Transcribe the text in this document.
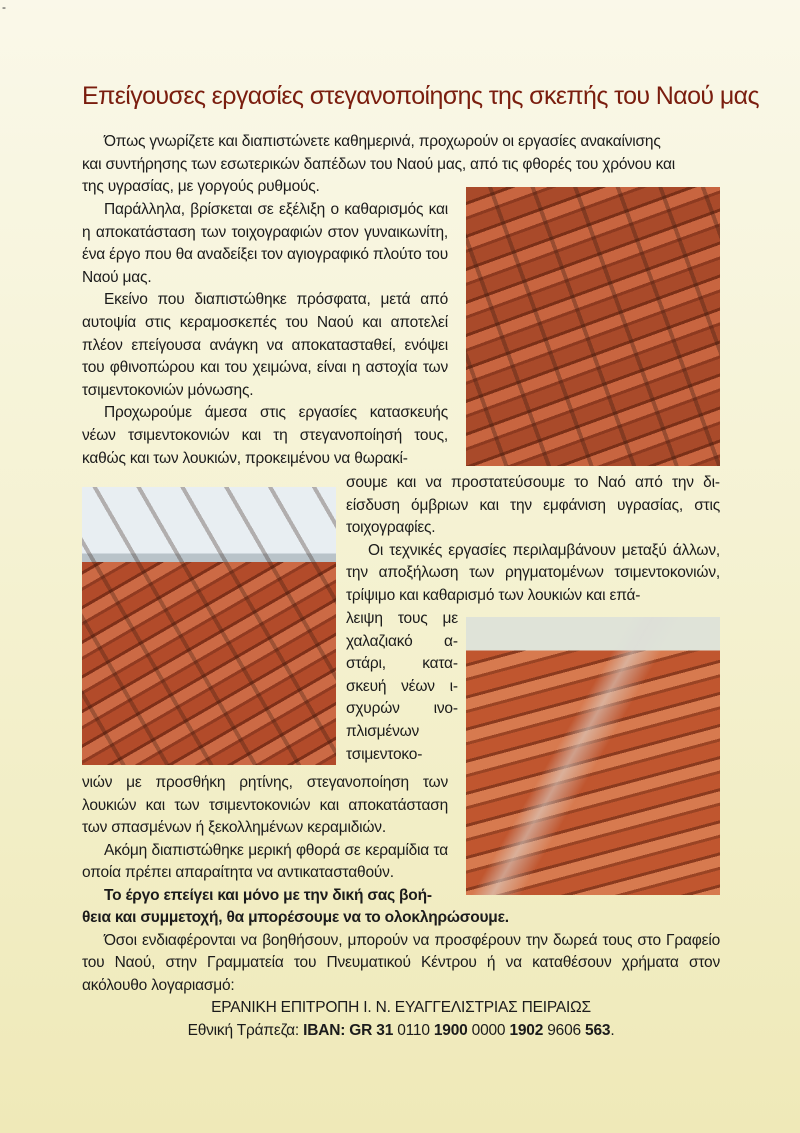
-
Επείγουσες εργασίες στεγανοποίησης της σκεπής του Ναού μας

Όπως γνωρίζετε και διαπιστώνετε καθημερινά, προχωρούν οι εργασίες ανακαίνισης

και συντήρησης των εσωτερικών δαπέδων του Ναού μας, από τις φθορές του χρόνου και

της υγρασίας, με γοργούς ρυθμούς.

Παράλληλα, βρίσκεται σε εξέλιξη ο καθαρισμός και η αποκατάσταση των τοιχογραφιών στον γυναικωνίτη, ένα έργο που θα αναδείξει τον αγιογραφικό πλούτο του Ναού μας.

Εκείνο που διαπιστώθηκε πρόσφατα, μετά από αυτοψία στις κεραμοσκεπές του Ναού και αποτελεί πλέον επείγουσα ανάγκη να αποκατασταθεί, ενόψει του φθινοπώρου και του χειμώνα, είναι η αστοχία των τσιμεντοκονιών μόνωσης.

Προχωρούμε άμεσα στις εργασίες κατασκευής νέων τσιμεντοκονιών και τη στεγανοποίησή τους, καθώς και των λουκιών, προκειμένου να θωρακί-

σουμε και να προστατεύσουμε το Ναό από την διείσδυση όμβριων και την εμφάνιση υγρασίας, στις τοιχογραφίες.

Οι τεχνικές εργασίες περιλαμβάνουν μεταξύ άλλων, την αποξήλωση των ρηγματομένων τσιμεντοκονιών, τρίψιμο και καθαρισμό των λουκιών και επά-

λειψη τους με χαλαζιακό αστάρι, κατασκευή νέων ισχυρών ινοπλισμένων τσιμεντοκο-

νιών με προσθήκη ρητίνης, στεγανοποίηση των λουκιών και των τσιμεντοκονιών και αποκατάσταση των σπασμένων ή ξεκολλημένων κεραμιδιών.

Ακόμη διαπιστώθηκε μερική φθορά σε κεραμίδια τα οποία πρέπει απαραίτητα να αντικατασταθούν.

Το έργο επείγει και μόνο με την δική σας βοή-

θεια και συμμετοχή, θα μπορέσουμε να το ολοκληρώσουμε.

Όσοι ενδιαφέρονται να βοηθήσουν, μπορούν να προσφέρουν την δωρεά τους στο Γραφείο του Ναού, στην Γραμματεία του Πνευματικού Κέντρου ή να καταθέσουν χρήματα στον ακόλουθο λογαριασμό:

ΕΡΑΝΙΚΗ ΕΠΙΤΡΟΠΗ Ι. Ν. ΕΥΑΓΓΕΛΙΣΤΡΙΑΣ ΠΕΙΡΑΙΩΣ

Εθνική Τράπεζα: IBAN: GR 31 0110 1900 0000 1902 9606 563.
